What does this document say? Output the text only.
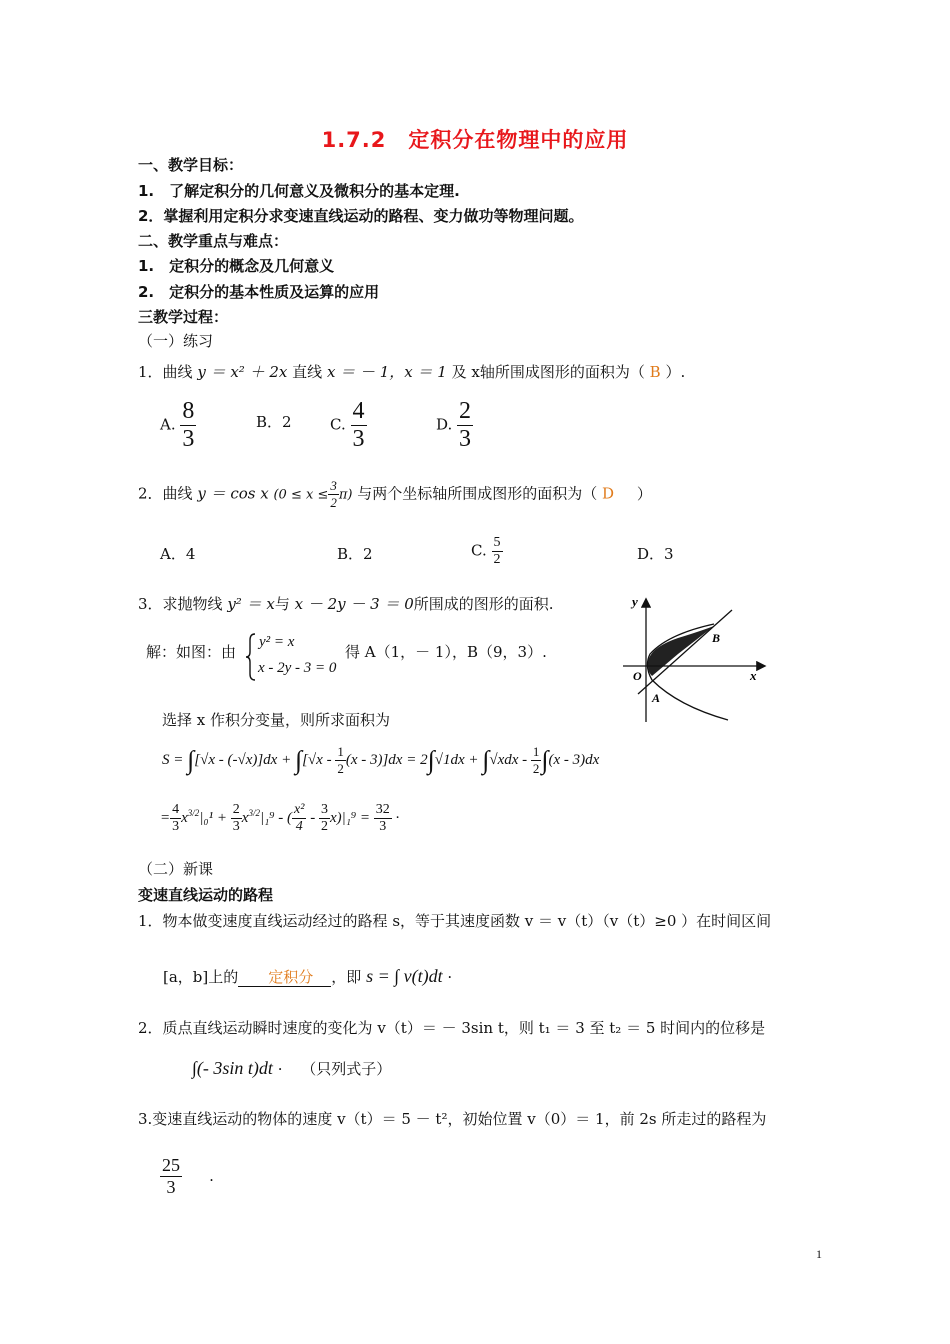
1.7.2　定积分在物理中的应用
一、教学目标：
1.　了解定积分的几何意义及微积分的基本定理.
2．掌握利用定积分求变速直线运动的路程、变力做功等物理问题。
二、教学重点与难点：
1.　定积分的概念及几何意义
2.　定积分的基本性质及运算的应用
三教学过程：
（一）练习
1．曲线 y ＝ x² ＋ 2x 直线 x ＝ － 1，x ＝ 1 及 x轴所围成图形的面积为（ B ）.
A. $\frac{8}{3}$	B．2	C. $\frac{4}{3}$	D. $\frac{2}{3}$
2．曲线 y ＝ cos x $(0 \le x \le \frac{3}{2} \pi)$ 与两个坐标轴所围成图形的面积为（ D ）
A．4	B．2	C. $\frac{5}{2}$	D．3
3．求抛物线 y² ＝ x与 x － 2y － 3 ＝ 0所围成的图形的面积.
解：如图：由
y² = x
x - 2y - 3 = 0
得 A（1，－ 1），B（9，3）.
y
x
O
A
B
选择 x 作积分变量，则所求面积为
$S = \int[√x - (-√x)]dx + \int[√x - \frac{1}{2} (x - 3)]dx = 2\int√1dx + \int√xdx - \frac{1}{2} \int(x - 3)dx$
= $\frac{4}{3} x^{3/2}|_0^1 + \frac{2}{3} x^{3/2}|_1^9$ - ( $\frac{\text{x²}}{4} - \frac{3}{2} x)|_1^9 = \frac{32}{3}$ ·
（二）新课
变速直线运动的路程
1．物本做变速度直线运动经过的路程 s，等于其速度函数 v ＝ v（t）（v（t）≥0 ）在时间区间
[a，b]上的 定积分 ，即 s = ∫ v(t)dt ·
2．质点直线运动瞬时速度的变化为 v（t）＝ － 3sin t，则 t₁ ＝ 3 至 t₂ ＝ 5 时间内的位移是
∫(- 3sin t)dt · （只列式子）
3.变速直线运动的物体的速度 v（t）＝ 5 － t²，初始位置 v（0）＝ 1，前 2s 所走过的路程为
$\frac{25}{3}$ .
1
